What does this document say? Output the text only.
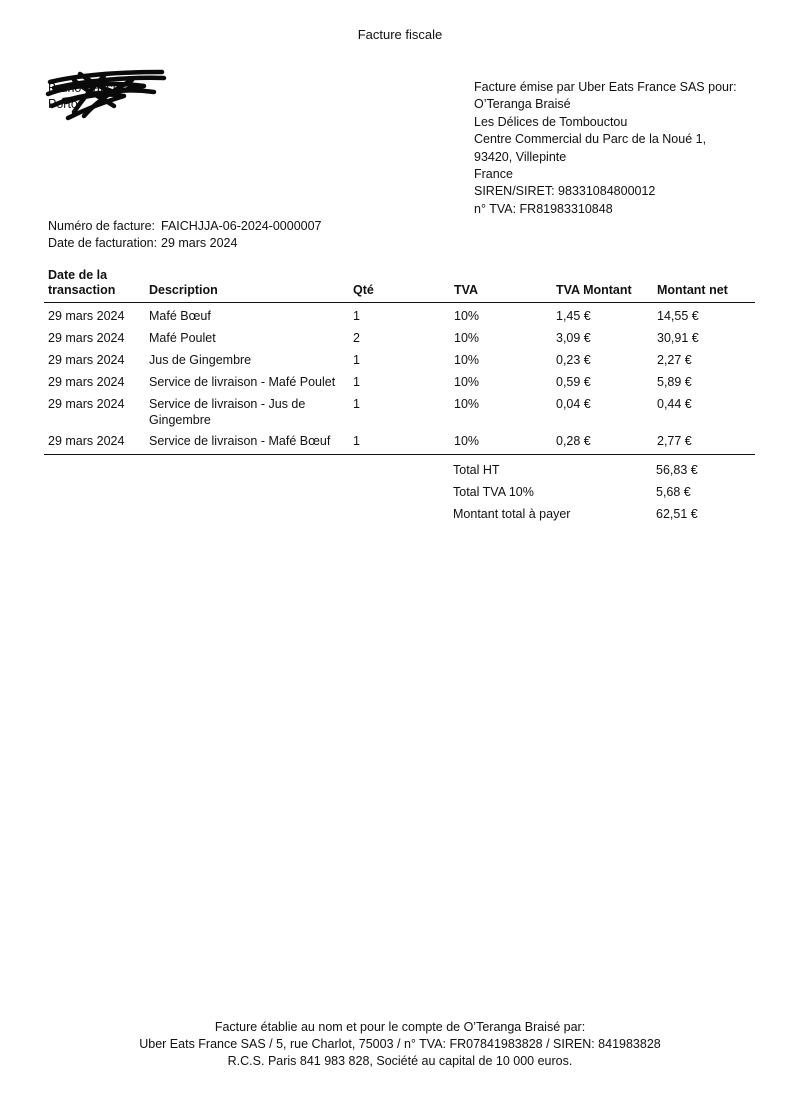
Facture fiscale
Bruno Batista
Porto
Facture émise par Uber Eats France SAS pour:
O’Teranga Braisé
Les Délices de Tombouctou
Centre Commercial du Parc de la Noué 1,
93420, Villepinte
France
SIREN/SIRET: 98331084800012
n° TVA: FR81983310848
Numéro de facture: FAICHJJA-06-2024-0000007
Date de facturation: 29 mars 2024
Date de la transaction	Description	Qté	TVA	TVA Montant	Montant net
29 mars 2024	Mafé Bœuf	1	10%	1,45 €	14,55 €
29 mars 2024	Mafé Poulet	2	10%	3,09 €	30,91 €
29 mars 2024	Jus de Gingembre	1	10%	0,23 €	2,27 €
29 mars 2024	Service de livraison - Mafé Poulet	1	10%	0,59 €	5,89 €
29 mars 2024	Service de livraison - Jus de Gingembre	1	10%	0,04 €	0,44 €
29 mars 2024	Service de livraison - Mafé Bœuf	1	10%	0,28 €	2,77 €
Total HT	56,83 €
Total TVA 10%	5,68 €
Montant total à payer	62,51 €
Facture établie au nom et pour le compte de O’Teranga Braisé par:
Uber Eats France SAS / 5, rue Charlot, 75003 / n° TVA: FR07841983828 / SIREN: 841983828
R.C.S. Paris 841 983 828, Société au capital de 10 000 euros.
